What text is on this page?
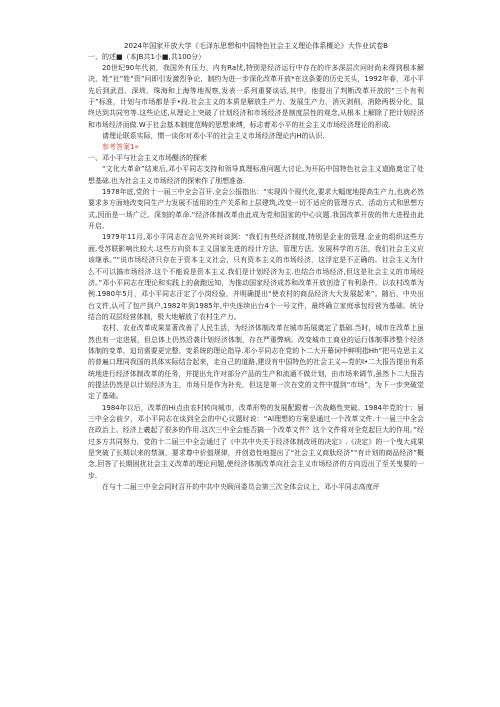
2024年国家开放大学《毛泽东思想和中国特色社会主义理论体系概论》大作业试卷B
一、的述■（本JB共1小■,共100分）
20世纪90年代初，我国外有压力，内有Ra忧,特别是经济运行中存在的许多深层次问时尚未得到根本解决，姓“社”姓“资”问即引发激烈争论，制约为进一步深化改革开放*在这条要的历史关头，1992年春，邓小平先后到武昌、深圳、珠海和上海等地视察,发表一系列重要谈话,其中，他提出了判断改革开放的“三个有利于”标准，计划与市场都是手•段.社会主义的本质是解放生产力、发展生产力，消灭剥削，消除两极分化，鼠终达到共同穷等.这些论述,从理论上突破了计划经济和市场经济是制度层性的观念,从根本上解除了把计划经济和市场经济而做.W于社会基本制度范畴的思想束缚，标志着邓小平的社会主义市场经济理论的形成.
请理论联系实际，惯一谈你对邓小平的社会主义市场经济理论内H的认识.
参考答案1«
一、邓小平与社会主义市场醍济的探索
“文化大革命”结束后,邓小平同志支持和领导真理标准问题大讨论,为开拓中国特色社会主义道路奠定了处想基础.也为社会主义市场经济的探索作了刖想准备.
1978年底,党的十一届三中全会召开.全会公报指出：“实现四个现代化,要求大幅度地提高生产力,也就必然要求多方面地改变同生产力发展不适用的生产关系和上层建筑,改变一切不适应的管理方式、活动方式和思想方式,因而是一场广泛、深刻的革命.”经济体制改革由此成为党和国家的中心议题.我国改革开放的伟大进程由此开启。
1979年11月,邓小平同志在会见外宾时谈到：“我们有些经济制度,特别是企业的管理.企业的组织这些方面,受苏联影响比较大.这些方向资本主义国家先进的经计方法、管理方法、发展科学的方法，我们社会主义应该继承。”“说市场经济只存在于资本主义社会，只有资本主义的市场经济，这浮定是不正确的。社会主义为什么不可以搞市场经济.这个不能说是资本主义.我们是计划经济为主.也结合市场经济,但这是社会主义的市场经济。”邓小平同志在理论和实践上的俞跑远知，为推动国家经济成苏和改革开放创造了有利条件。以农村改革为例.1980年5月，邓小平同志汙定了小岗经验，并明确提出“使农村的商品经济大大发展起来”。随后，中央出台文件,认可了包产到户,1982年到1985年,中央连续出台4个一号文件，最终确立家庭承包经营为基础、统分结合的双层经营体制，极大地解放了农村生产力。
农村、农业改革成果显著改善了人民生活，为经济体制改革在城市拓展奠定了基础.当时，城市在改革上虽然也有一定进展，但总体上仍然沿袭计划经济体制，存在严重弊病。改变城市工商业的运行体制事涉整个经济体制的变革，迫切需要更完整、变系统的理论指导.邓小平同志在党的卜二大开幕词中鲜明指Hh“把马克思主义的普遍口理同我国的具体实际结合起来，走自己的道路,建设有中国特色的社会主义—党的I•二大报告提出有系统地进行经济体制改革的任务，并提出允许对部分产品的生产和流通不做计划，由市场来调节,虽然卜二大报告的提法仍然是以计划经济为主，市场只是作为补充，但这是第一次在党的文件中提到“市场”，为下一步突破觉定了基础。
1984年以后，改革的Hi点由农村转向城市，改革形势的发展配跟着一次战略性突破。1984年党的十：届三中全会前夕，邓小平同志在谈到全会的中心议题时说：“Al理想的方案是通过一个改革文件.十一届三中全会在政治上、经济上羲起了很多的作用.这次三中全会能否搞一个改革文件？这个文件将对全党起巨大的作用。”经过多方共同努力，党的十二届三中全会通过了《中共中央关于经济体制改班的决定》.《决定》的一个曳大成果是突破了长期以来的禁演，要求尊中价值规律，并创造性地提出了“社会主义商肽经济”“有计划的商品经济”概念,回答了长期困扰社会主义改革的理论问题,使经济体制改革向社会主义市场经济的方向迈出了至关曳要的一步.
在与十二届三中全会同时召开的中共中央顾问委员会第三次全体会议上，邓小平同志高度评
